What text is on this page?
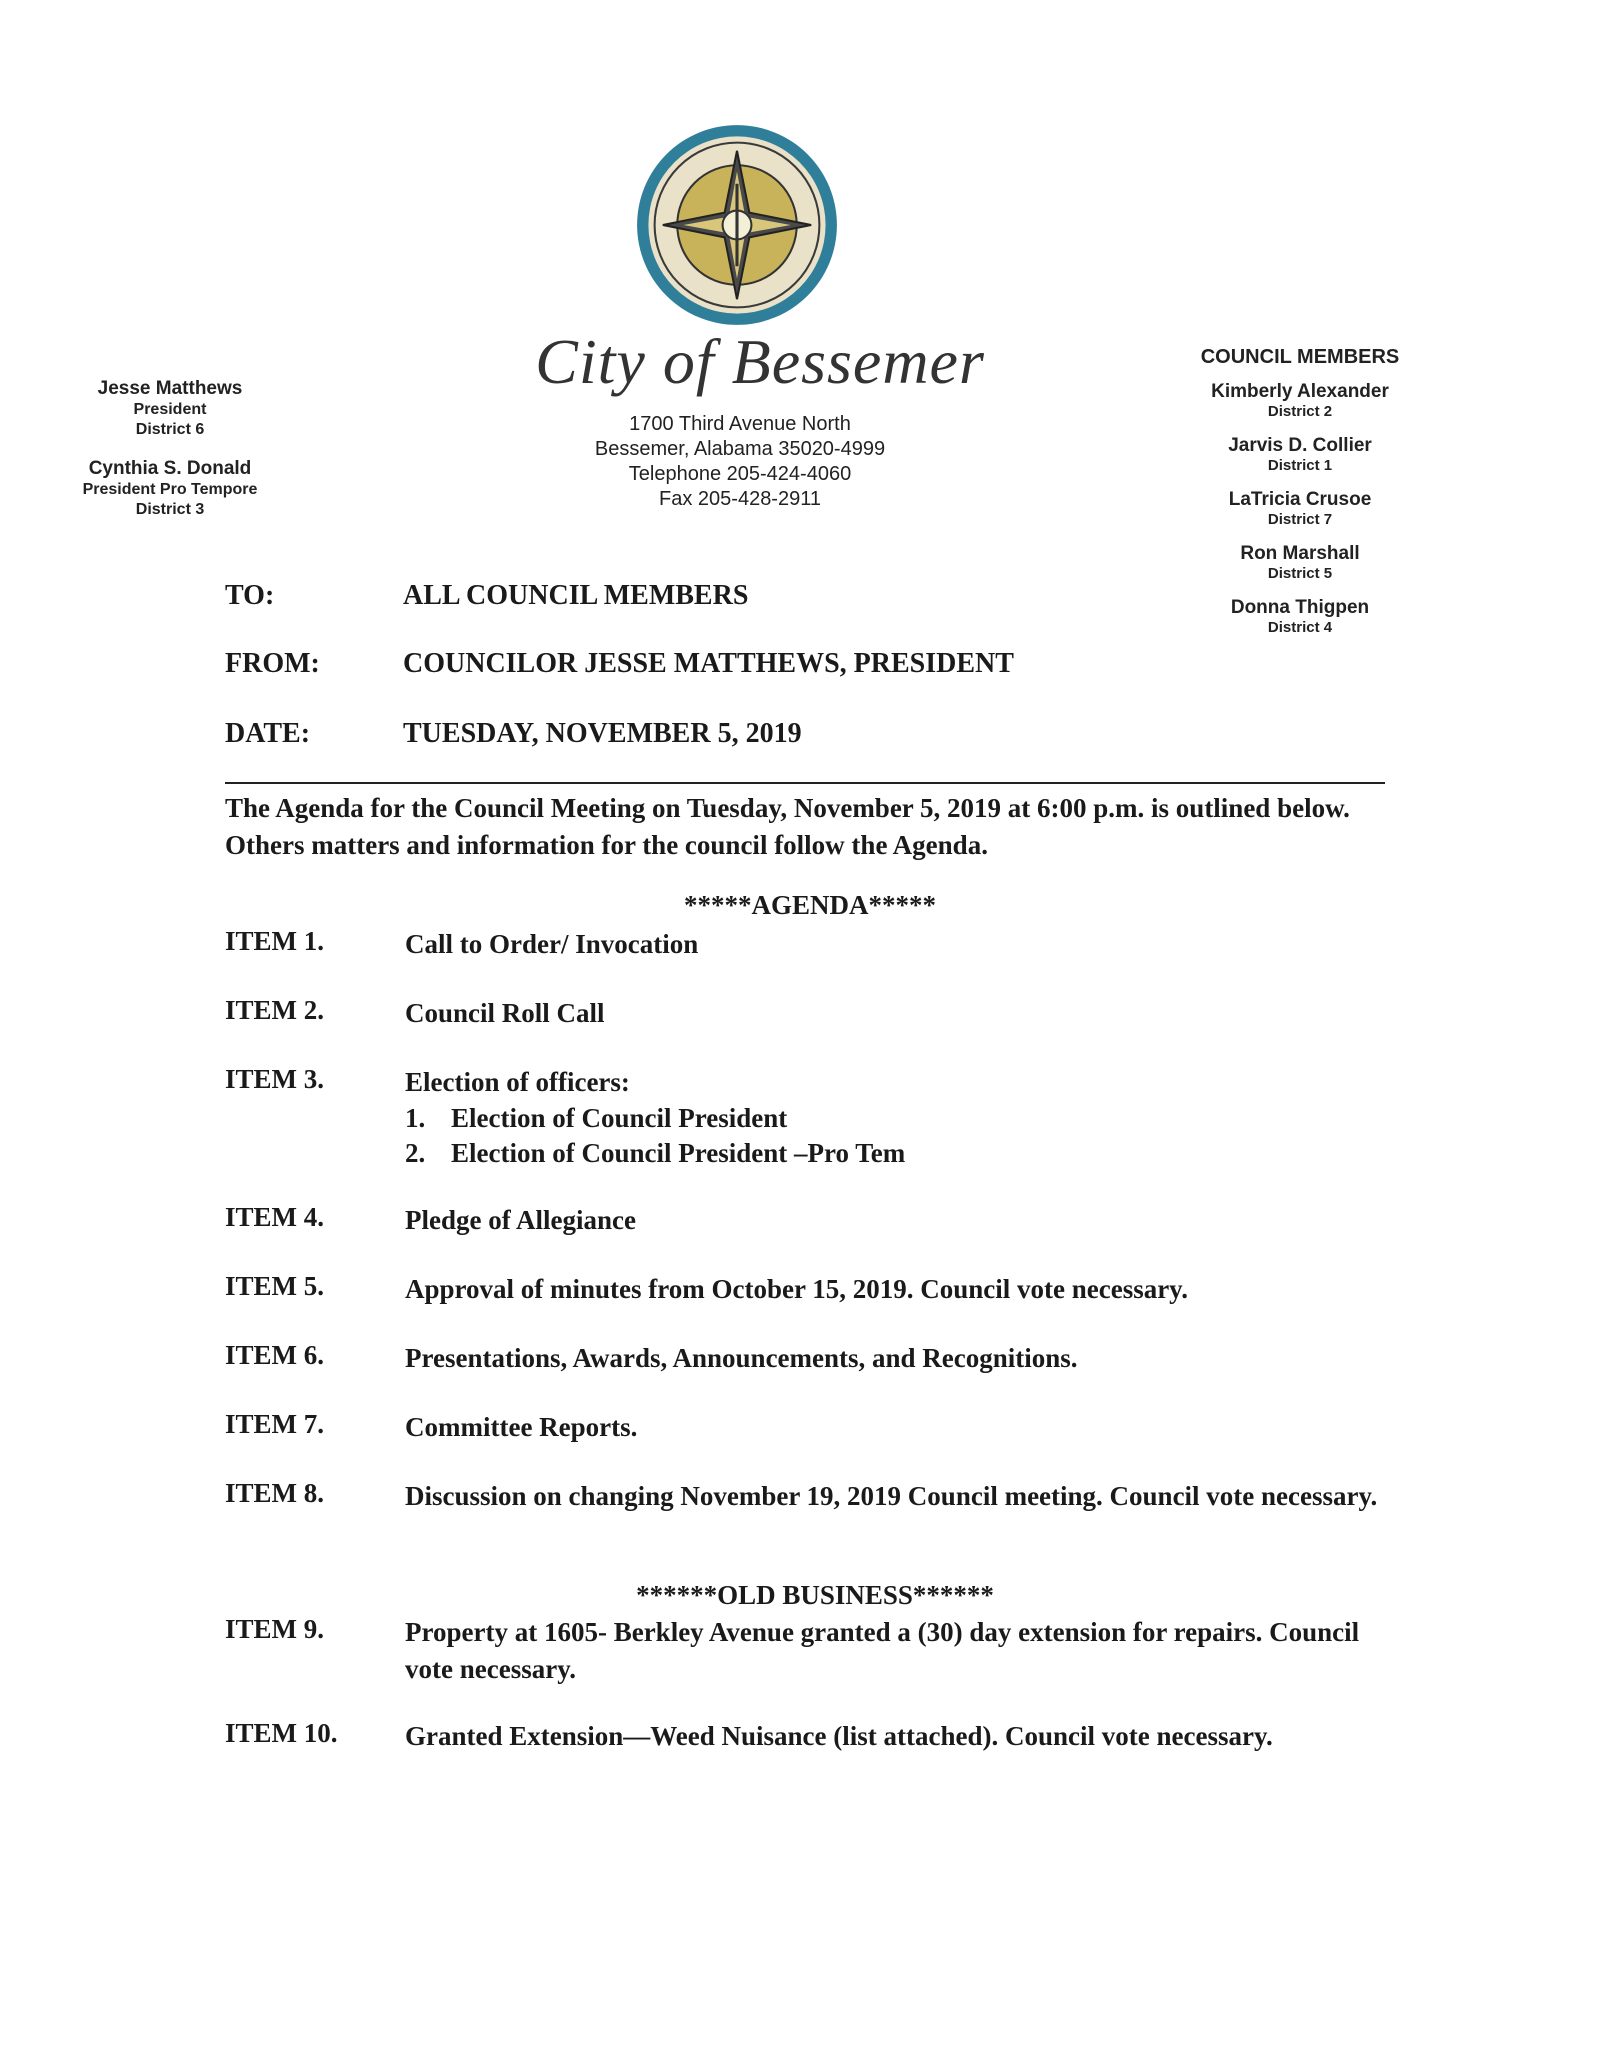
City of Bessemer
1700 Third Avenue North
Bessemer, Alabama 35020-4999
Telephone 205-424-4060
Fax 205-428-2911
Jesse Matthews
President
District 6
Cynthia S. Donald
President Pro Tempore
District 3
COUNCIL MEMBERS
Kimberly Alexander
District 2
Jarvis D. Collier
District 1
LaTricia Crusoe
District 7
Ron Marshall
District 5
Donna Thigpen
District 4
TO:	ALL COUNCIL MEMBERS
FROM:	COUNCILOR JESSE MATTHEWS, PRESIDENT
DATE:	TUESDAY, NOVEMBER 5, 2019
The Agenda for the Council Meeting on Tuesday, November 5, 2019 at 6:00 p.m. is outlined below. Others matters and information for the council follow the Agenda.
*****AGENDA*****
ITEM 1.	Call to Order/ Invocation
ITEM 2.	Council Roll Call
ITEM 3.	Election of officers:
1. Election of Council President
2. Election of Council President –Pro Tem
ITEM 4.	Pledge of Allegiance
ITEM 5.	Approval of minutes from October 15, 2019. Council vote necessary.
ITEM 6.	Presentations, Awards, Announcements, and Recognitions.
ITEM 7.	Committee Reports.
ITEM 8.	Discussion on changing November 19, 2019 Council meeting. Council vote necessary.
******OLD BUSINESS******
ITEM 9.	Property at 1605- Berkley Avenue granted a (30) day extension for repairs. Council vote necessary.
ITEM 10.	Granted Extension—Weed Nuisance (list attached). Council vote necessary.
